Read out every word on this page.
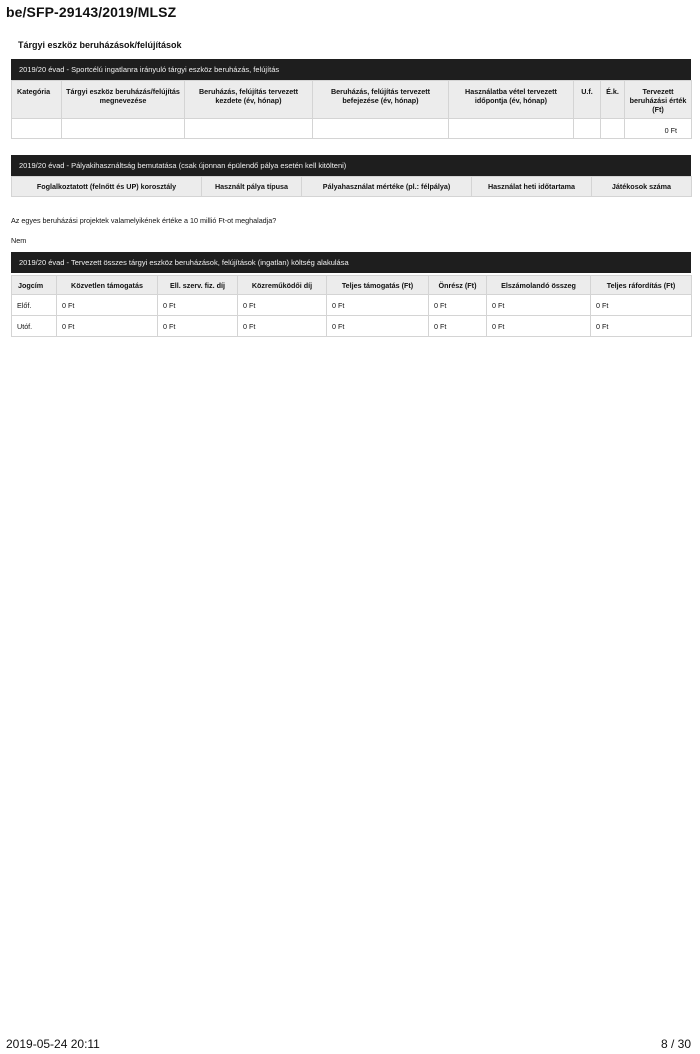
be/SFP-29143/2019/MLSZ
Tárgyi eszköz beruházások/felújítások
2019/20 évad - Sportcélú ingatlanra irányuló tárgyi eszköz beruházás, felújítás
Kategória	Tárgyi eszköz beruházás/felújítás megnevezése	Beruházás, felújítás tervezett kezdete (év, hónap)	Beruházás, felújítás tervezett befejezése (év, hónap)	Használatba vétel tervezett időpontja (év, hónap)	U.f.	É.k.	Tervezett beruházási érték (Ft)
							0 Ft
2019/20 évad - Pályakihasználtság bemutatása (csak újonnan épülendő pálya esetén kell kitölteni)
Foglalkoztatott (felnőtt és UP) korosztály	Használt pálya típusa	Pályahasználat mértéke (pl.: félpálya)	Használat heti időtartama	Játékosok száma
Az egyes beruházási projektek valamelyikének értéke a 10 millió Ft-ot meghaladja?
Nem
2019/20 évad - Tervezett összes tárgyi eszköz beruházások, felújítások (ingatlan) költség alakulása
Jogcím	Közvetlen támogatás	Ell. szerv. fiz. díj	Közreműködői díj	Teljes támogatás (Ft)	Önrész (Ft)	Elszámolandó összeg	Teljes ráfordítás (Ft)
Előf.	0 Ft	0 Ft	0 Ft	0 Ft	0 Ft	0 Ft	0 Ft
Utóf.	0 Ft	0 Ft	0 Ft	0 Ft	0 Ft	0 Ft	0 Ft
2019-05-24 20:11	8 / 30
